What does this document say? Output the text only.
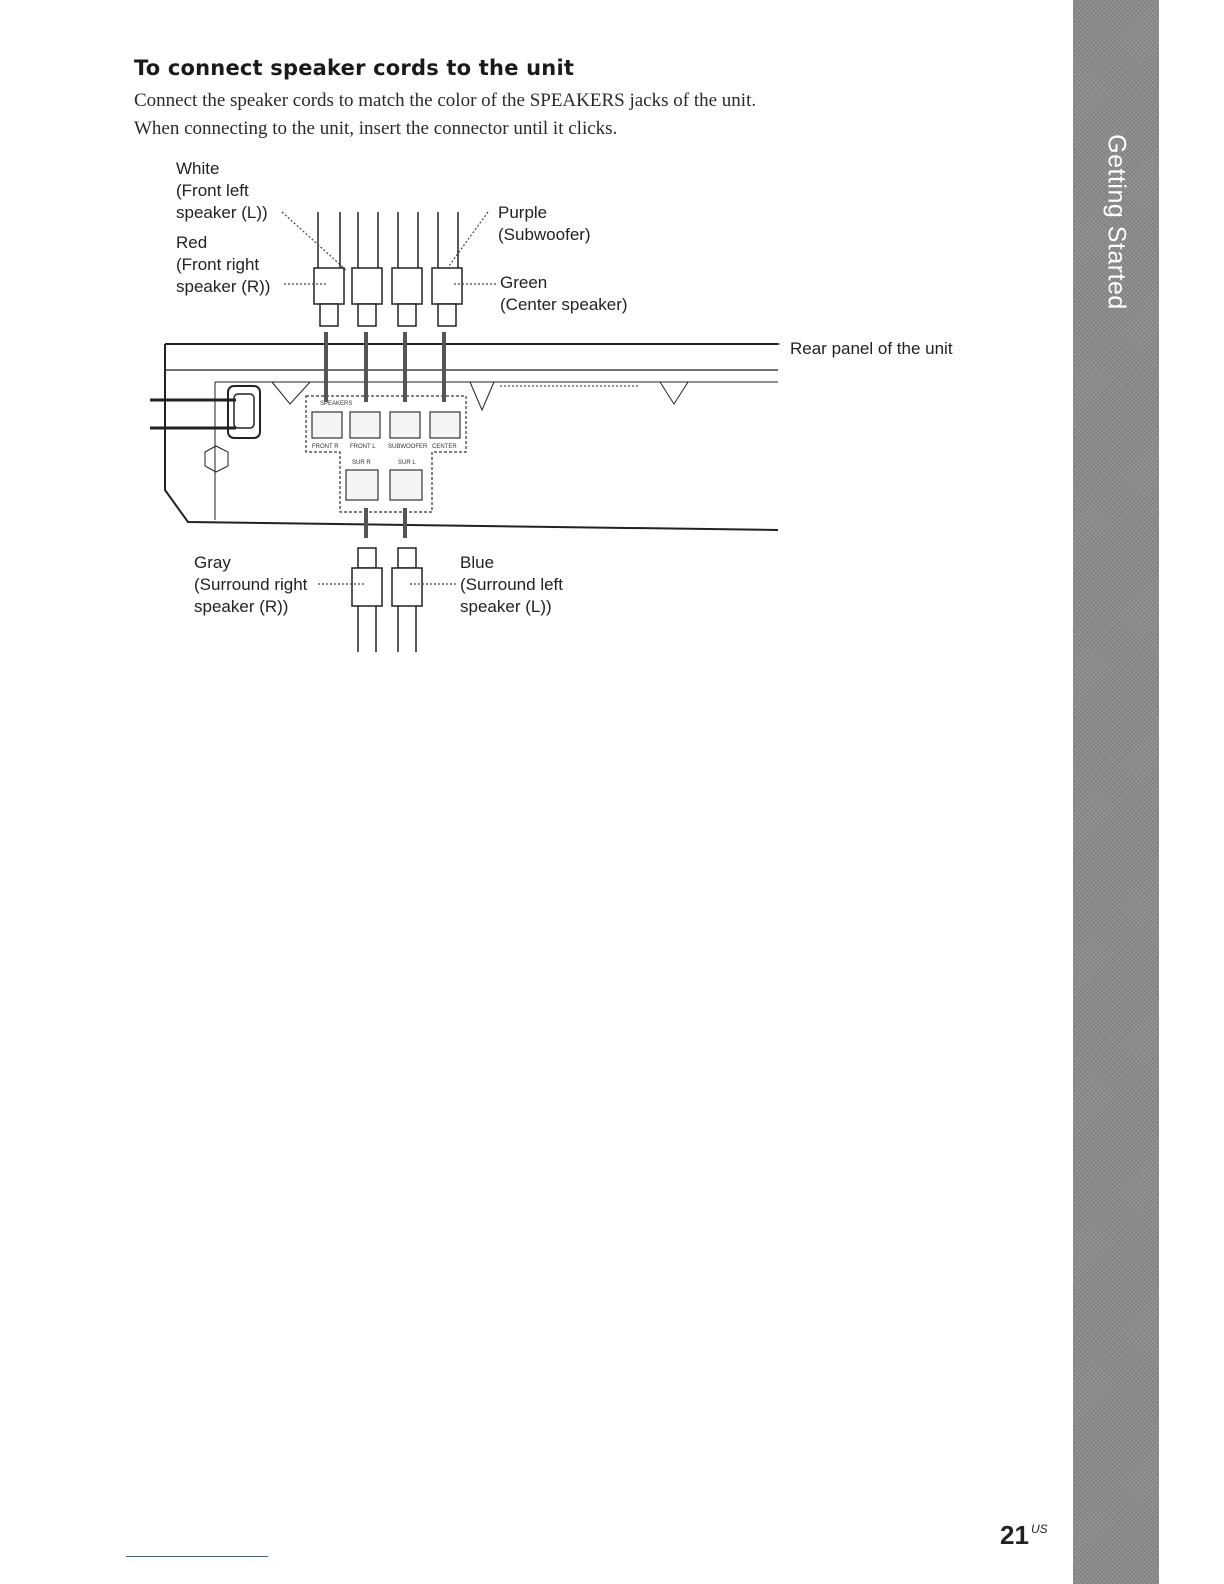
To connect speaker cords to the unit

Connect the speaker cords to match the color of the SPEAKERS jacks of the unit.

When connecting to the unit, insert the connector until it clicks.

SPEAKERS
FRONT R FRONT L SUBWOOFER CENTER
SUR R	SUR L
White
(Front left
speaker (L))
Red
(Front right
speaker (R))
Purple
(Subwoofer)
Green
(Center speaker)
Rear panel of the unit
Gray
(Surround right
speaker (R))
Blue
(Surround left
speaker (L))
Getting Started
21 US
